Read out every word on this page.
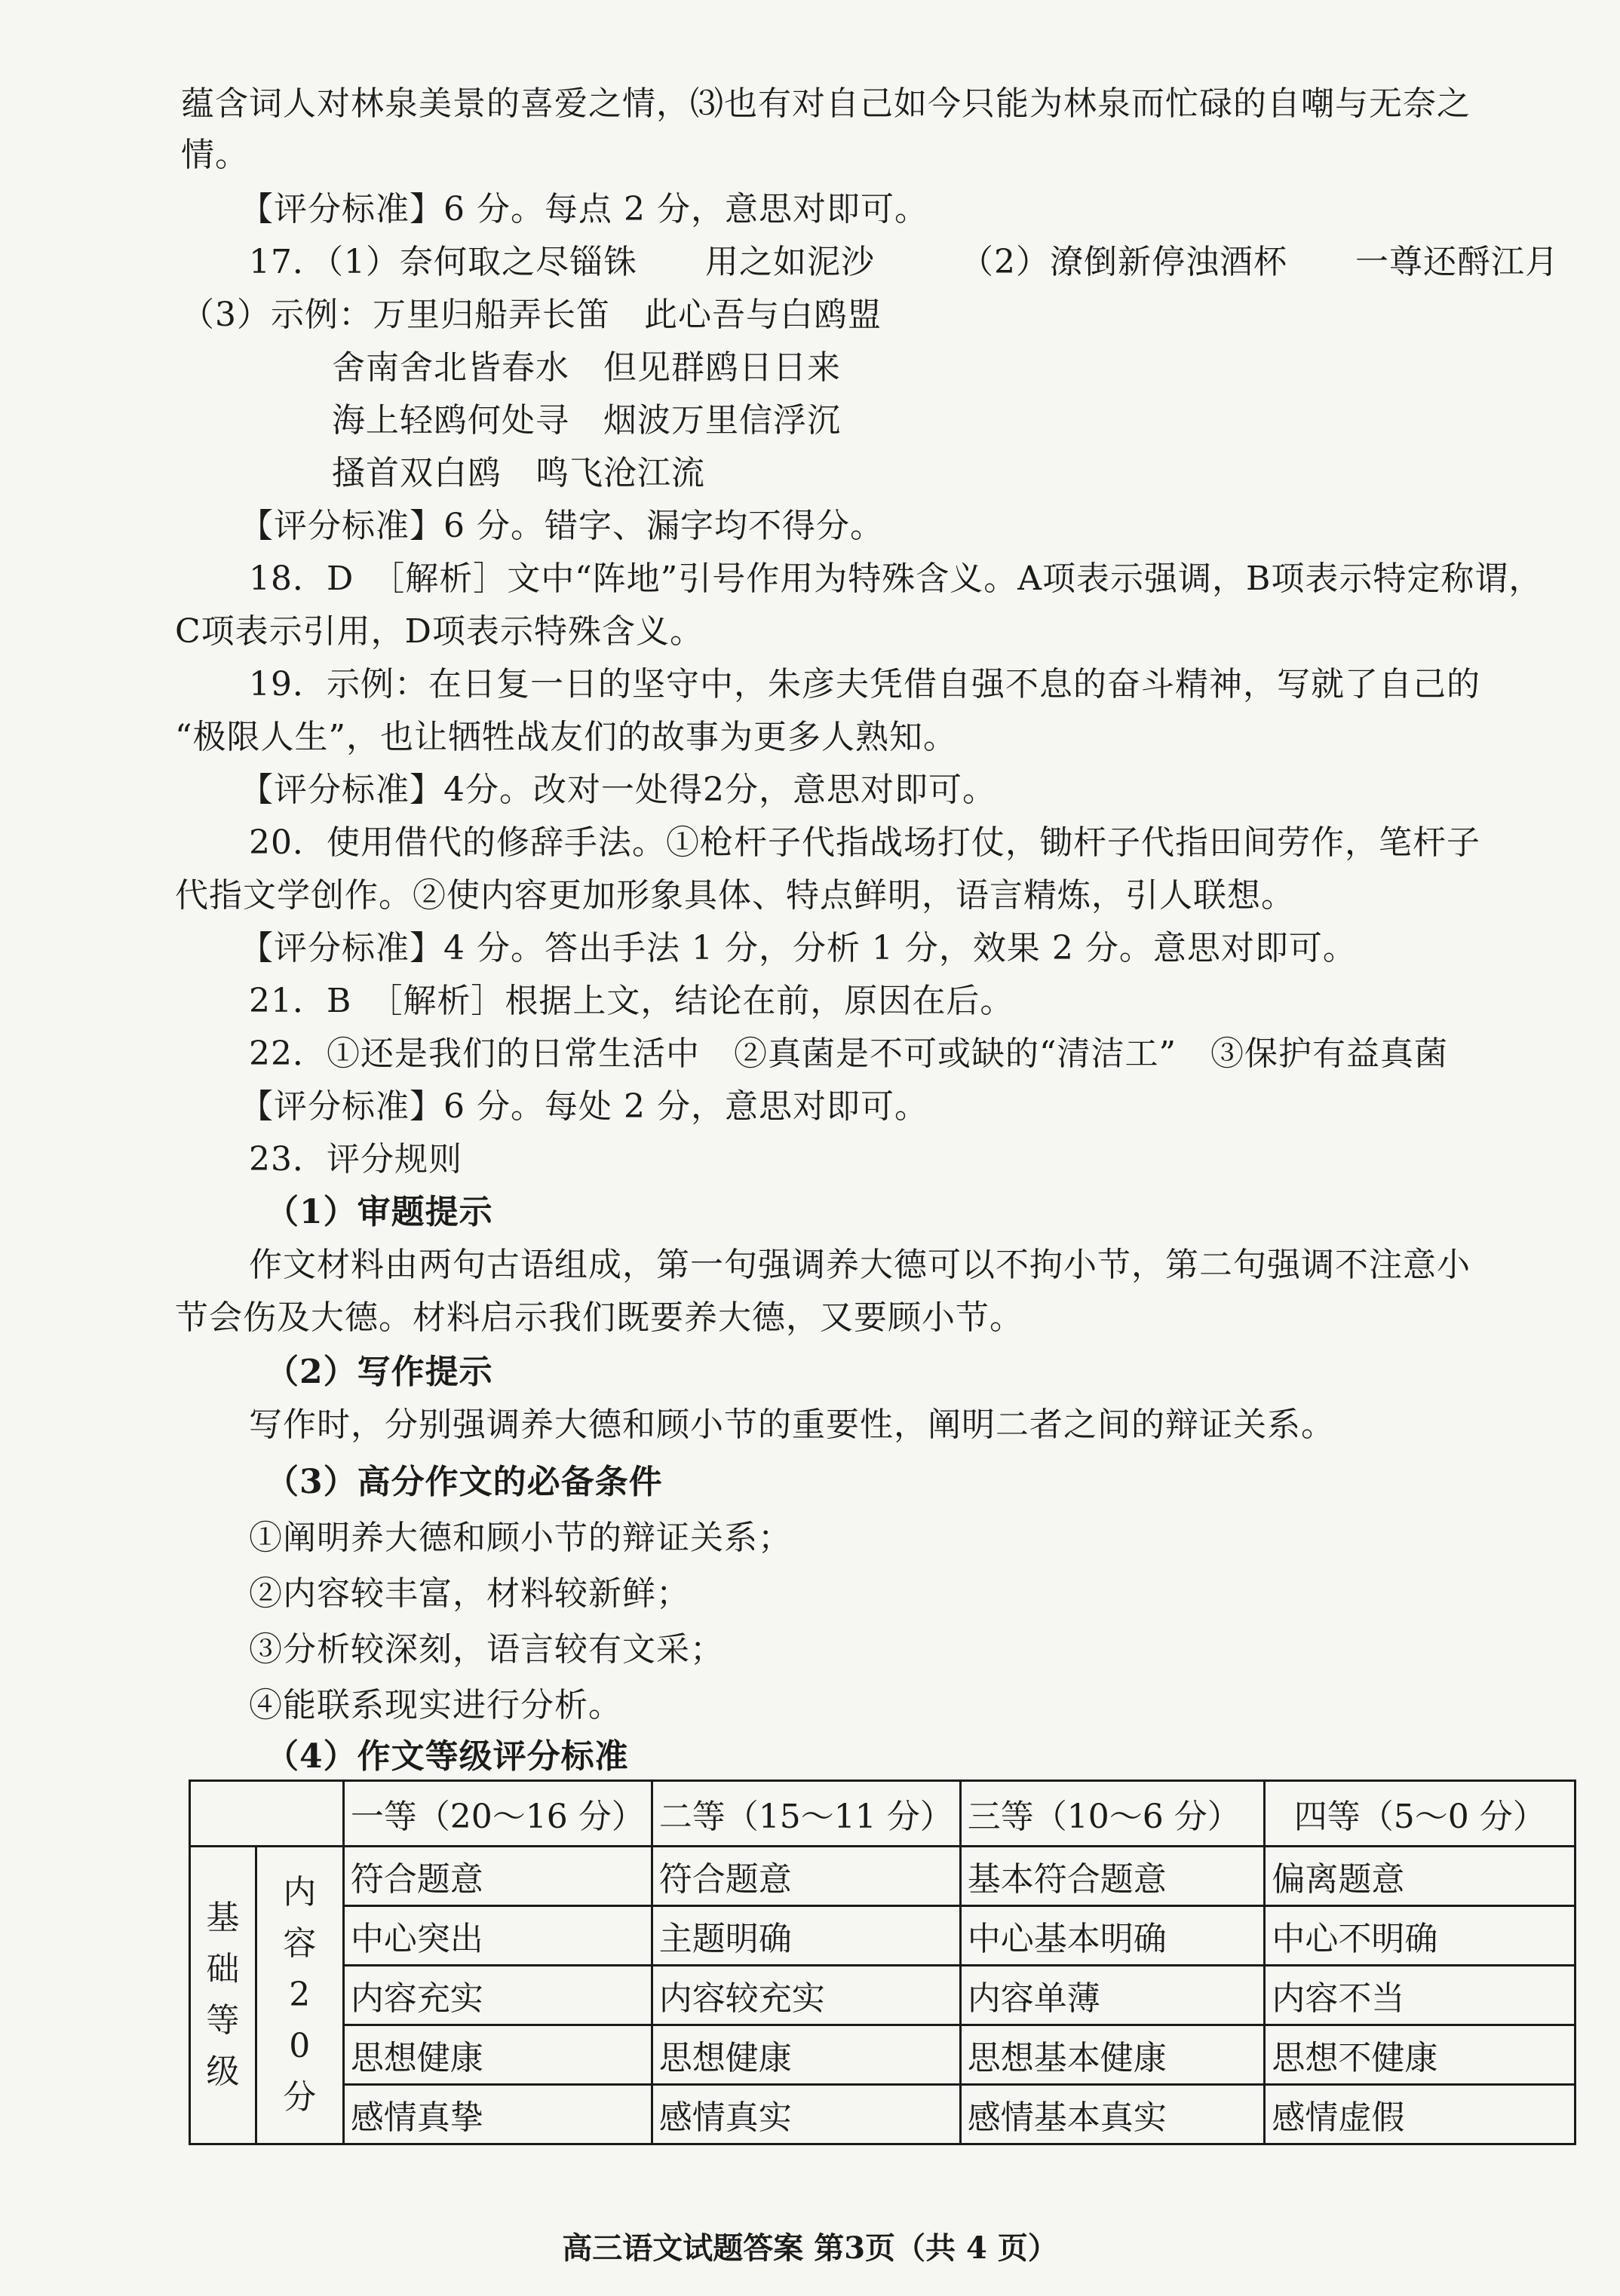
蕴含词人对林泉美景的喜爱之情，⑶也有对自己如今只能为林泉而忙碌的自嘲与无奈之
情。
【评分标准】6 分。每点 2 分，意思对即可。
17．（1）奈何取之尽锱铢　　用之如泥沙　　　（2）潦倒新停浊酒杯　　一尊还酹江月
（3）示例：万里归船弄长笛　此心吾与白鸥盟
舍南舍北皆春水　但见群鸥日日来
海上轻鸥何处寻　烟波万里信浮沉
搔首双白鸥　鸣飞沧江流
【评分标准】6 分。错字、漏字均不得分。
18．D　［解析］文中“阵地”引号作用为特殊含义。A项表示强调，B项表示特定称谓，
C项表示引用，D项表示特殊含义。
19．示例：在日复一日的坚守中，朱彦夫凭借自强不息的奋斗精神，写就了自己的
“极限人生”，也让牺牲战友们的故事为更多人熟知。
【评分标准】4分。改对一处得2分，意思对即可。
20．使用借代的修辞手法。①枪杆子代指战场打仗，锄杆子代指田间劳作，笔杆子
代指文学创作。②使内容更加形象具体、特点鲜明，语言精炼，引人联想。
【评分标准】4 分。答出手法 1 分，分析 1 分，效果 2 分。意思对即可。
21．B　［解析］根据上文，结论在前，原因在后。
22．①还是我们的日常生活中　②真菌是不可或缺的“清洁工”　③保护有益真菌
【评分标准】6 分。每处 2 分，意思对即可。
23．评分规则
（1）审题提示
作文材料由两句古语组成，第一句强调养大德可以不拘小节，第二句强调不注意小
节会伤及大德。材料启示我们既要养大德，又要顾小节。
（2）写作提示
写作时，分别强调养大德和顾小节的重要性，阐明二者之间的辩证关系。
（3）高分作文的必备条件
①阐明养大德和顾小节的辩证关系；
②内容较丰富，材料较新鲜；
③分析较深刻，语言较有文采；
④能联系现实进行分析。
（4）作文等级评分标准
		一等（20～16 分）	二等（15～11 分）	三等（10～6 分）	四等（5～0 分）

基础等级	内容20分	符合题意	符合题意	基本符合题意	偏离题意
		中心突出	主题明确	中心基本明确	中心不明确
		内容充实	内容较充实	内容单薄	内容不当
		思想健康	思想健康	思想基本健康	思想不健康
		感情真挚	感情真实	感情基本真实	感情虚假
高三语文试题答案 第3页（共 4 页）
